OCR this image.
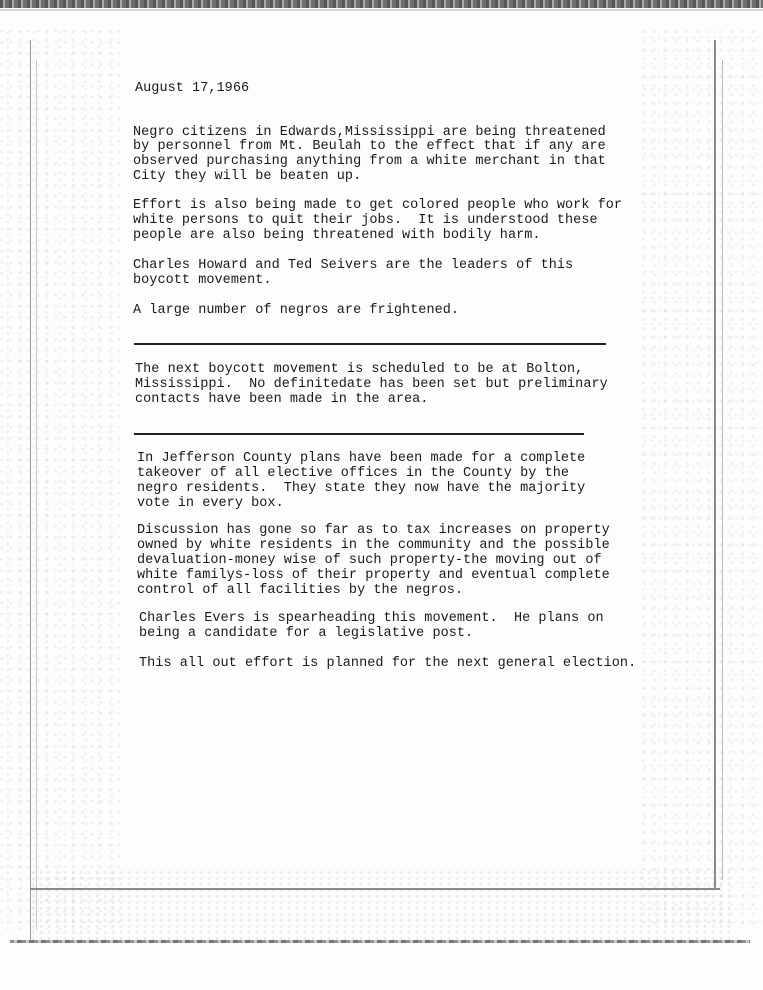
August 17,1966
Negro citizens in Edwards,Mississippi are being threatened
by personnel from Mt. Beulah to the effect that if any are
observed purchasing anything from a white merchant in that
City they will be beaten up.
Effort is also being made to get colored people who work for
white persons to quit their jobs.  It is understood these
people are also being threatened with bodily harm.
Charles Howard and Ted Seivers are the leaders of this
boycott movement.
A large number of negros are frightened.
The next boycott movement is scheduled to be at Bolton,
Mississippi.  No definitedate has been set but preliminary
contacts have been made in the area.
In Jefferson County plans have been made for a complete
takeover of all elective offices in the County by the
negro residents.  They state they now have the majority
vote in every box.
Discussion has gone so far as to tax increases on property
owned by white residents in the community and the possible
devaluation-money wise of such property-the moving out of
white familys-loss of their property and eventual complete
control of all facilities by the negros.
Charles Evers is spearheading this movement.  He plans on
being a candidate for a legislative post.
This all out effort is planned for the next general election.
